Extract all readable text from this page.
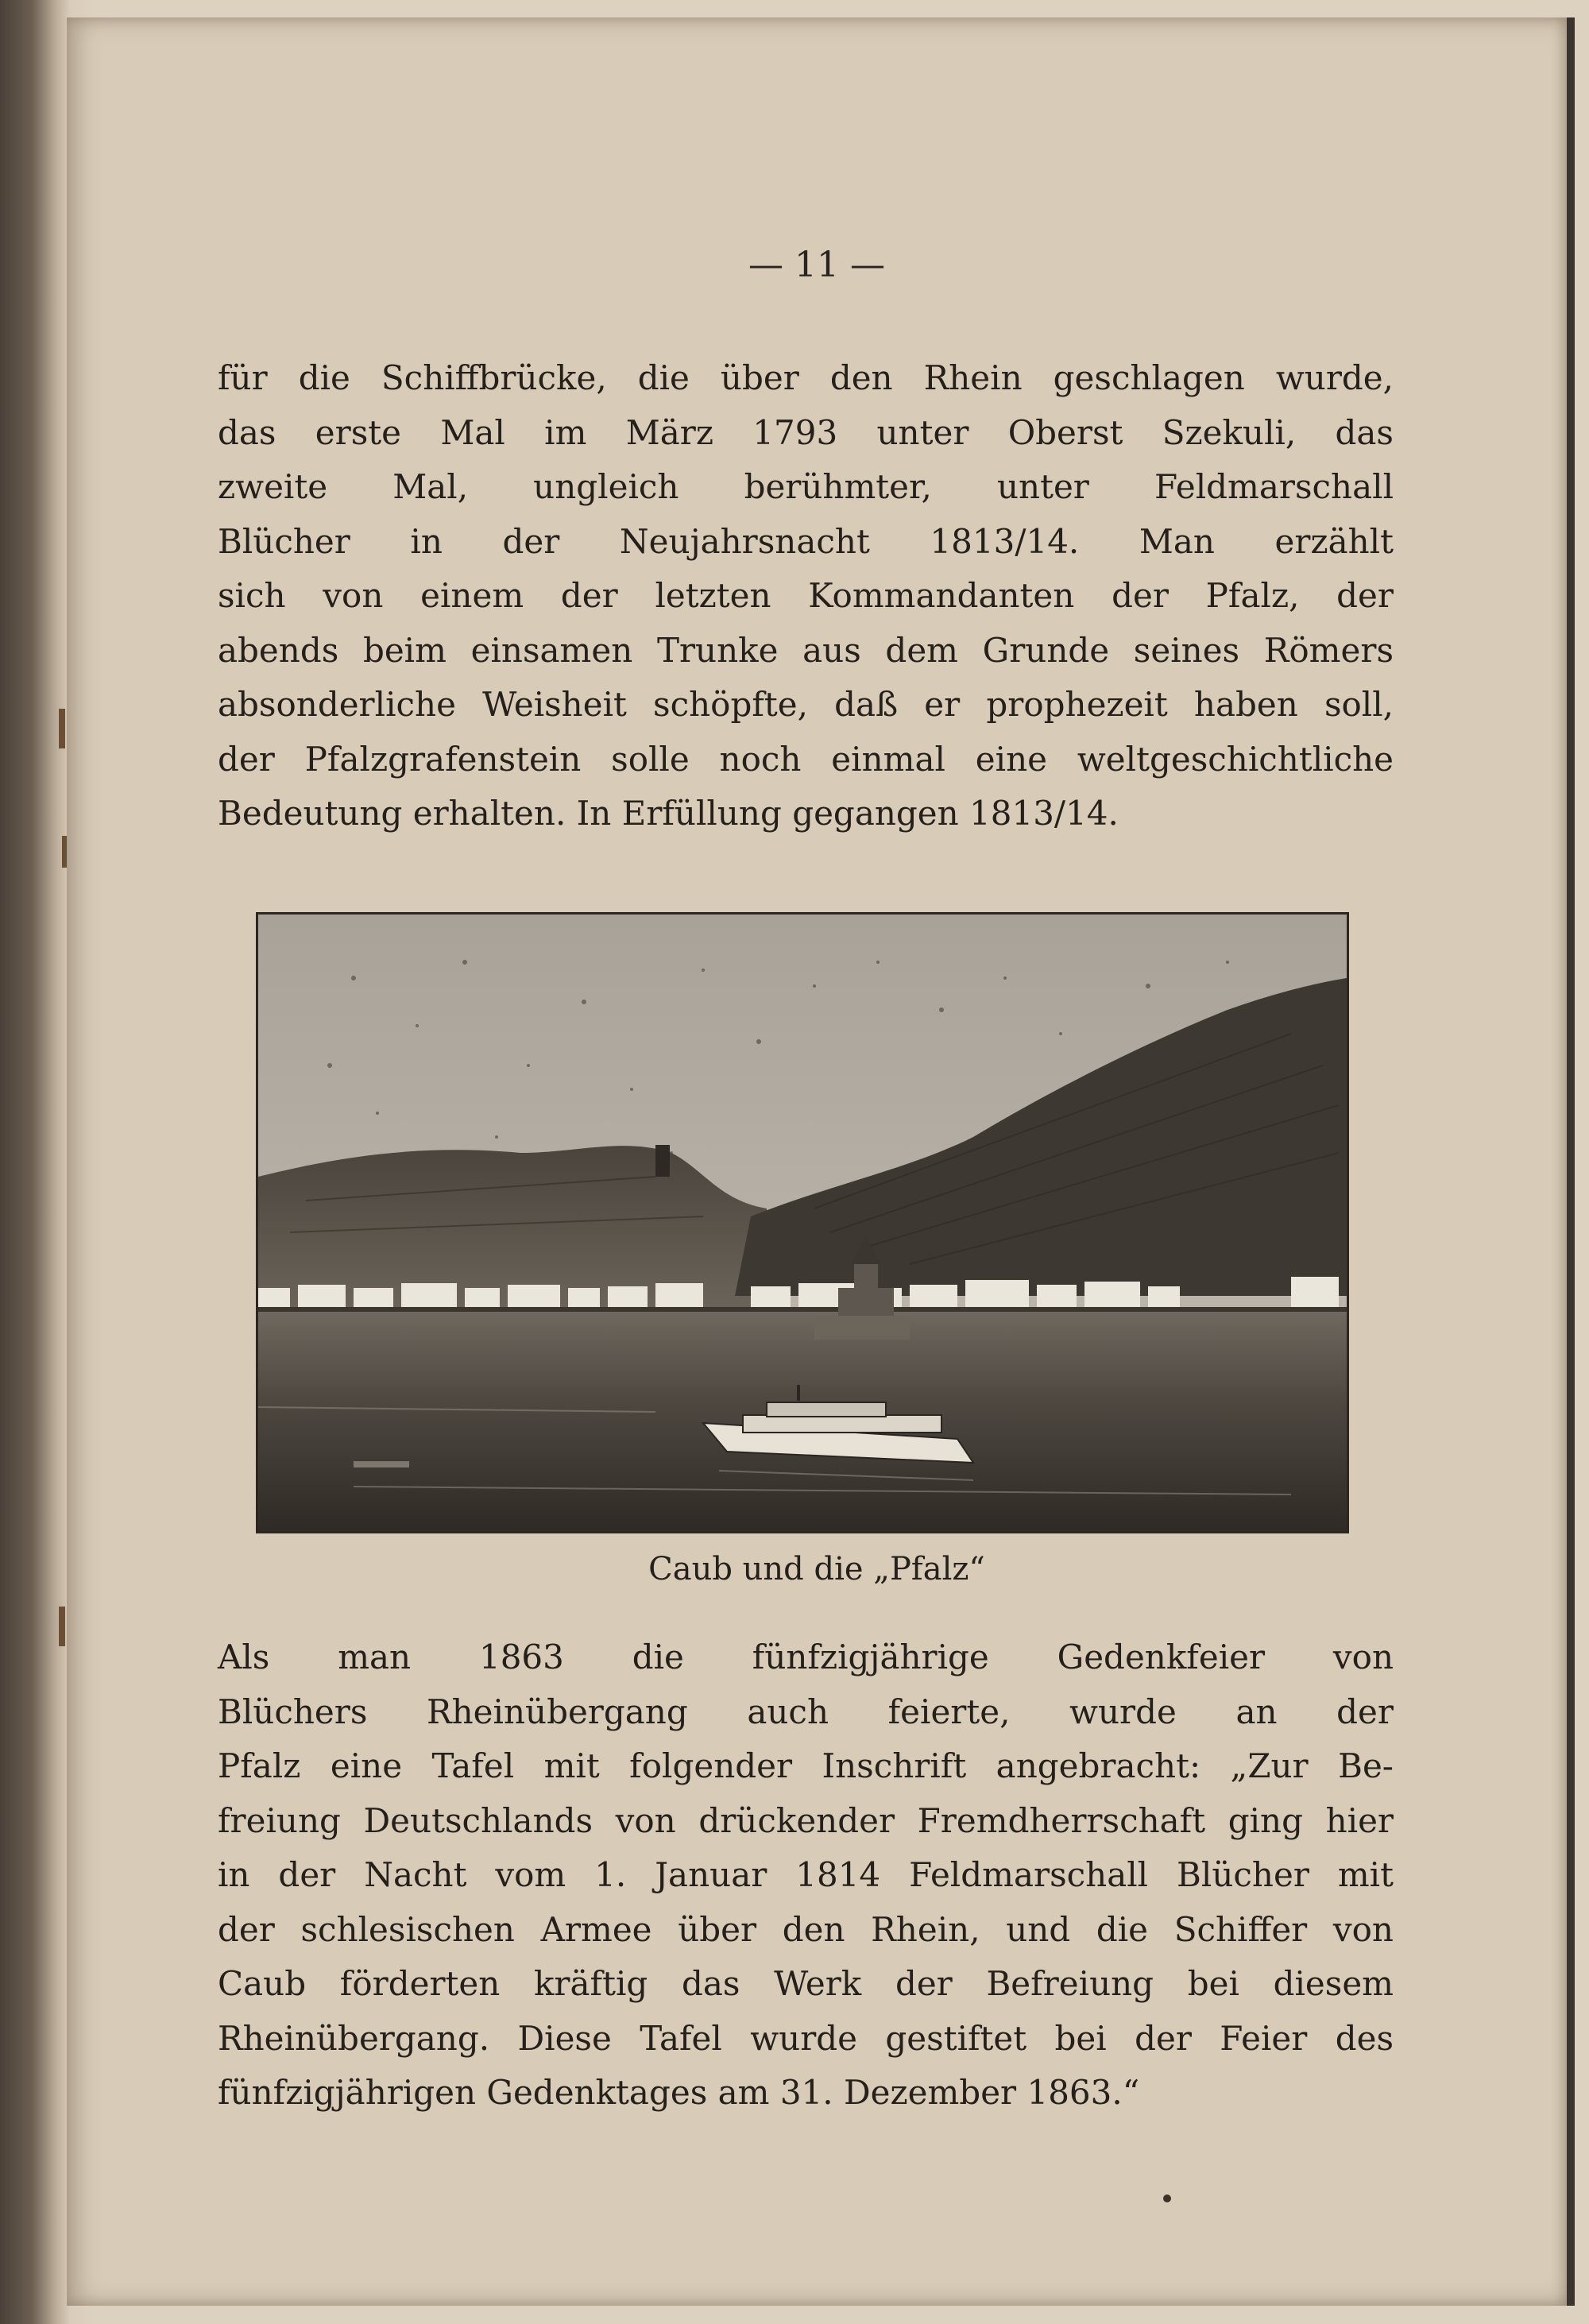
— 11 —
für die Schiffbrücke, die über den Rhein geschlagen wurde,
das erste Mal im März 1793 unter Oberst Szekuli, das
zweite Mal, ungleich berühmter, unter Feldmarschall
Blücher in der Neujahrsnacht 1813/14. Man erzählt
sich von einem der letzten Kommandanten der Pfalz, der
abends beim einsamen Trunke aus dem Grunde seines Römers
absonderliche Weisheit schöpfte, daß er prophezeit haben soll,
der Pfalzgrafenstein solle noch einmal eine weltgeschichtliche
Bedeutung erhalten. In Erfüllung gegangen 1813/14.
Caub und die „Pfalz“
Als man 1863 die fünfzigjährige Gedenkfeier von
Blüchers Rheinübergang auch feierte, wurde an der
Pfalz eine Tafel mit folgender Inschrift angebracht: „Zur Be-
freiung Deutschlands von drückender Fremdherrschaft ging hier
in der Nacht vom 1. Januar 1814 Feldmarschall Blücher mit
der schlesischen Armee über den Rhein, und die Schiffer von
Caub förderten kräftig das Werk der Befreiung bei diesem
Rheinübergang. Diese Tafel wurde gestiftet bei der Feier des
fünfzigjährigen Gedenktages am 31. Dezember 1863.“
